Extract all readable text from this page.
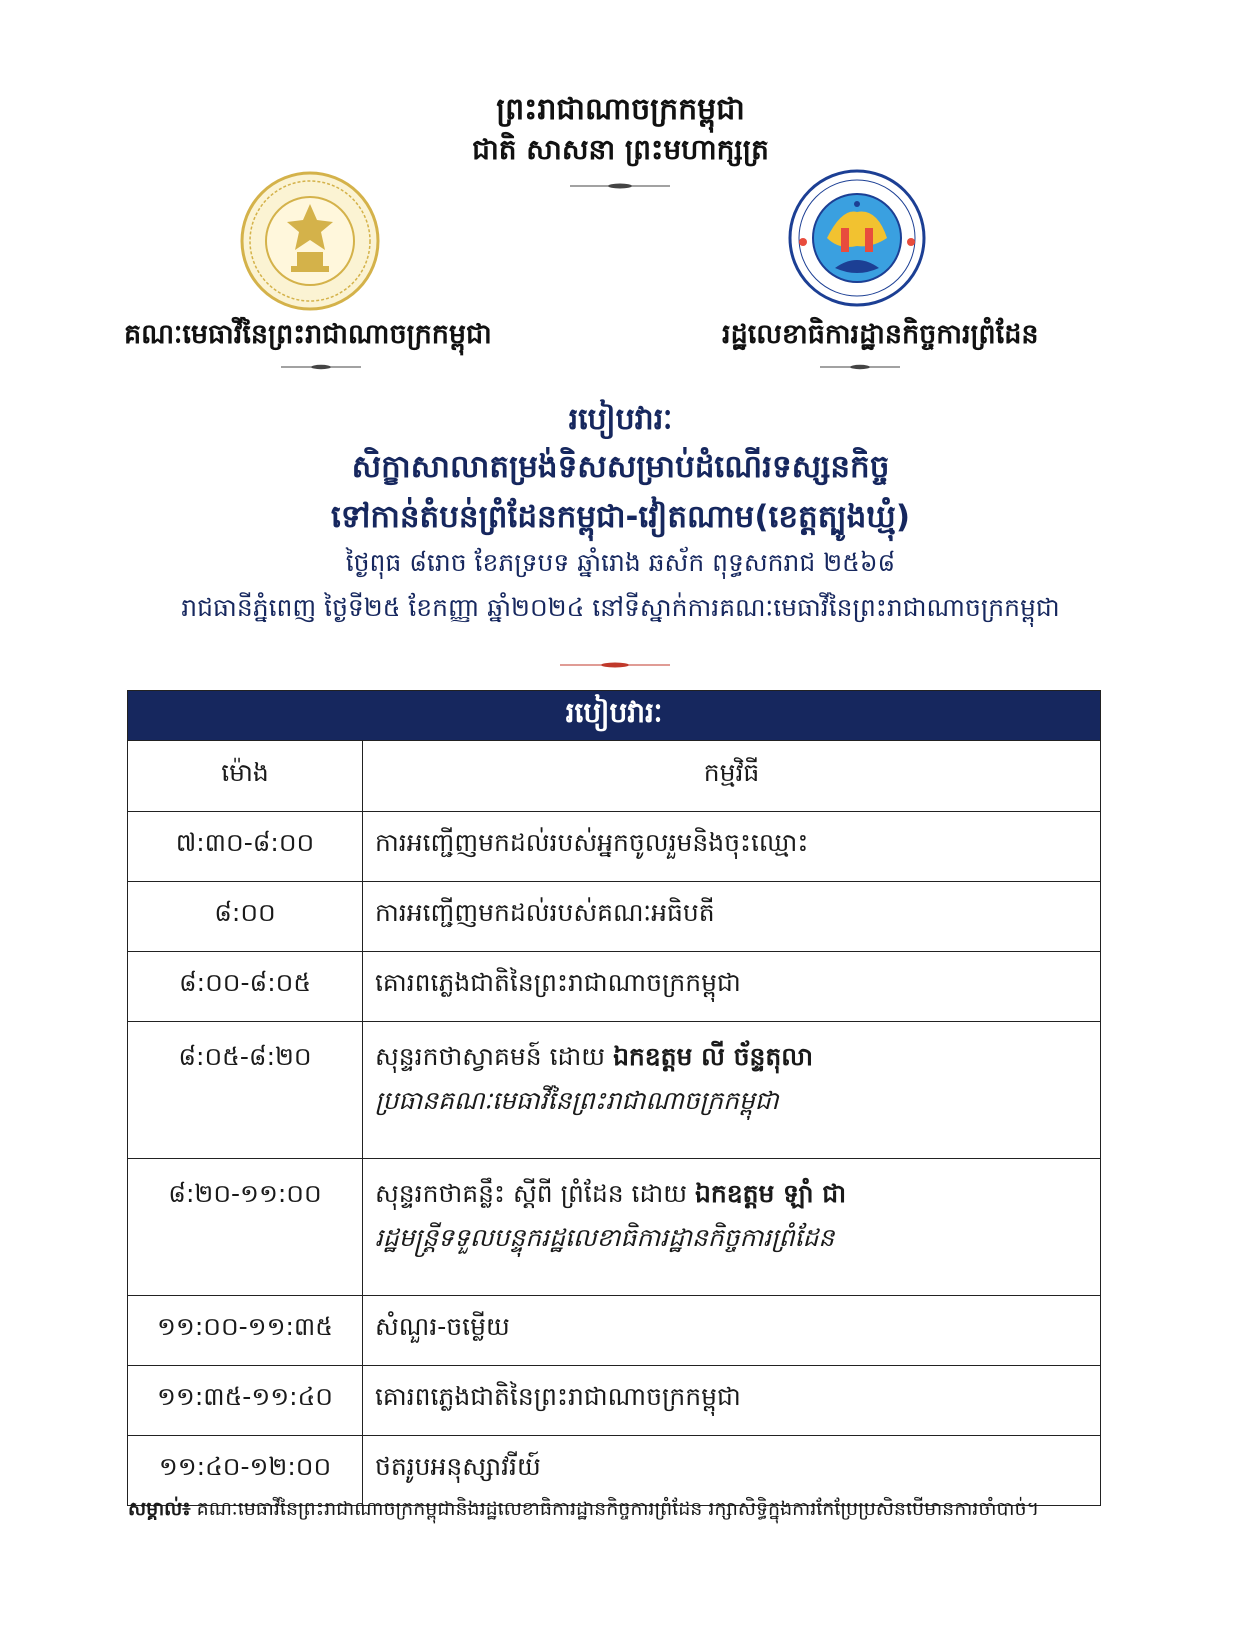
ព្រះរាជាណាចក្រកម្ពុជា
ជាតិ សាសនា ព្រះមហាក្សត្រ
គណៈមេធាវីនៃព្រះរាជាណាចក្រកម្ពុជា	រដ្ឋលេខាធិការដ្ឋានកិច្ចការព្រំដែន
របៀបវារៈ
សិក្ខាសាលាតម្រង់ទិសសម្រាប់ដំណើរទស្សនកិច្ច
ទៅកាន់តំបន់ព្រំដែនកម្ពុជា-វៀតណាម(ខេត្តត្បូងឃ្មុំ)
ថ្ងៃពុធ ៨រោច ខែភទ្របទ ឆ្នាំរោង ឆស័ក ពុទ្ធសករាជ ២៥៦៨
រាជធានីភ្នំពេញ ថ្ងៃទី២៥ ខែកញ្ញា ឆ្នាំ២០២៤ នៅទីស្នាក់ការគណៈមេធាវីនៃព្រះរាជាណាចក្រកម្ពុជា
របៀបវារៈ	
ម៉ោង	កម្មវិធី
៧:៣០-៨:០០	ការអញ្ជើញមកដល់របស់អ្នកចូលរួមនិងចុះឈ្មោះ
៨:០០	ការអញ្ជើញមកដល់របស់គណៈអធិបតី
៨:០០-៨:០៥	គោរពភ្លេងជាតិនៃព្រះរាជាណាចក្រកម្ពុជា
៨:០៥-៨:២០	សុន្ទរកថាស្វាគមន៍ ដោយ ឯកឧត្តម លី ច័ន្ទតុលា
ប្រធានគណៈមេធាវីនៃព្រះរាជាណាចក្រកម្ពុជា

៨:២០-១១:០០	សុន្ទរកថាគន្លឹះ ស្តីពី ព្រំដែន ដោយ ឯកឧត្តម ឡាំ ជា
រដ្ឋមន្ត្រីទទួលបន្ទុករដ្ឋលេខាធិការដ្ឋានកិច្ចការព្រំដែន

១១:០០-១១:៣៥	សំណួរ-ចម្លើយ
១១:៣៥-១១:៤០	គោរពភ្លេងជាតិនៃព្រះរាជាណាចក្រកម្ពុជា
១១:៤០-១២:០០	ថតរូបអនុស្សាវរីយ៍
សម្គាល់៖ គណៈមេធាវីនៃព្រះរាជាណាចក្រកម្ពុជានិងរដ្ឋលេខាធិការដ្ឋានកិច្ចការព្រំដែន រក្សាសិទ្ធិក្នុងការកែប្រែប្រសិនបើមានការចាំបាច់។
